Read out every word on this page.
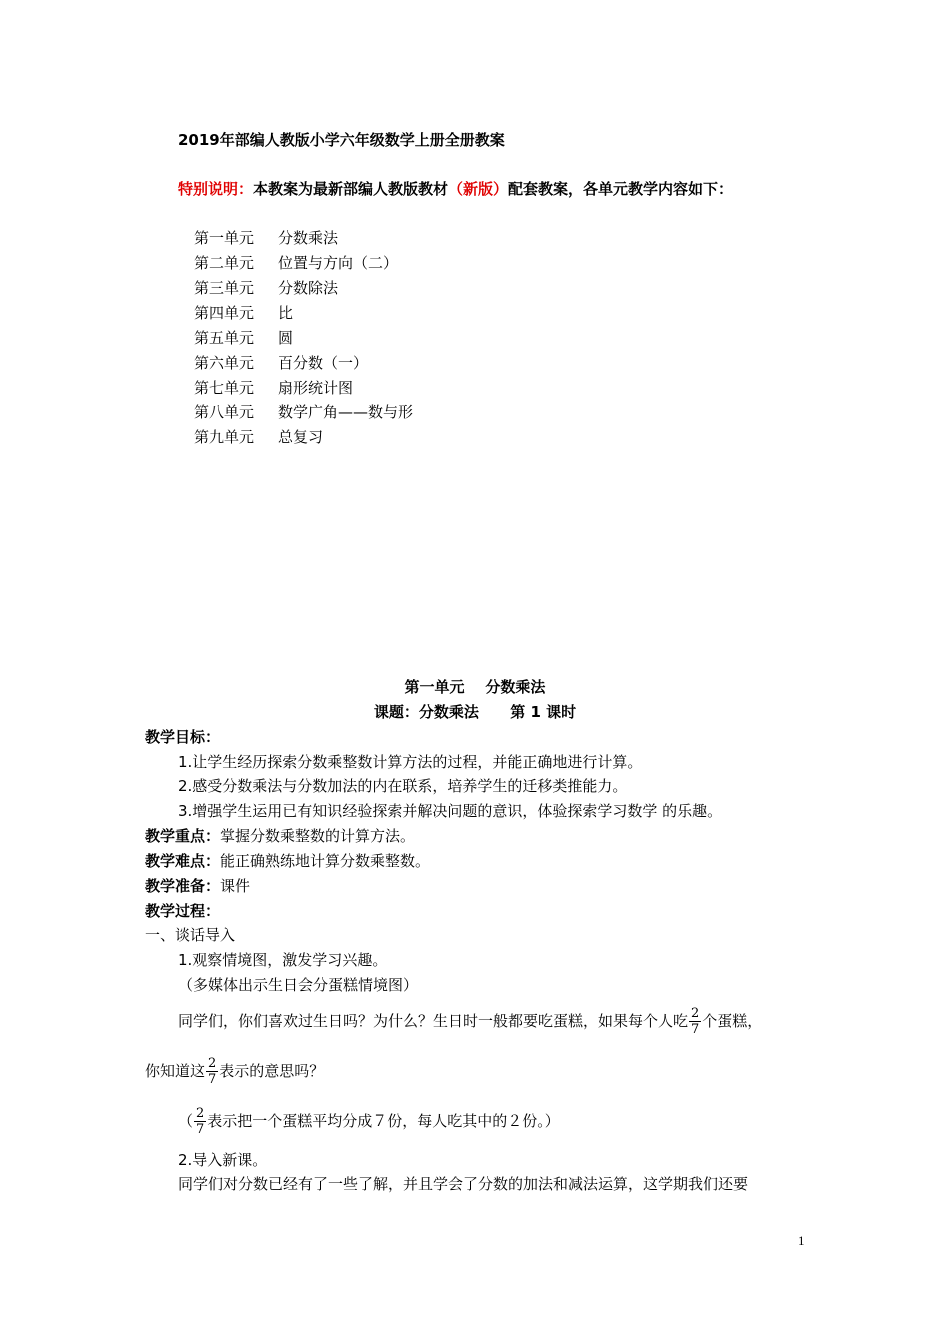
2019年部编人教版小学六年级数学上册全册教案
特别说明：本教案为最新部编人教版教材（新版）配套教案，各单元教学内容如下：
第一单元 分数乘法
第二单元 位置与方向（二）
第三单元 分数除法
第四单元 比
第五单元 圆
第六单元 百分数（一）
第七单元 扇形统计图
第八单元 数学广角——数与形
第九单元 总复习
第一单元    分数乘法
课题：分数乘法      第 1 课时
教学目标：
1.让学生经历探索分数乘整数计算方法的过程，并能正确地进行计算。
2.感受分数乘法与分数加法的内在联系，培养学生的迁移类推能力。
3.增强学生运用已有知识经验探索并解决问题的意识，体验探索学习数学 的乐趣。
教学重点：掌握分数乘整数的计算方法。
教学难点：能正确熟练地计算分数乘整数。
教学准备：课件
教学过程：
一、谈话导入
1.观察情境图，激发学习兴趣。
（多媒体出示生日会分蛋糕情境图）
同学们，你们喜欢过生日吗？为什么？生日时一般都要吃蛋糕，如果每个人吃 $\frac{2}{7}$ 个蛋糕，
你知道这 $\frac{2}{7}$ 表示的意思吗？
（ $\frac{2}{7}$ 表示把一个蛋糕平均分成７份，每人吃其中的２份。）
2.导入新课。
同学们对分数已经有了一些了解，并且学会了分数的加法和减法运算，这学期我们还要
1
